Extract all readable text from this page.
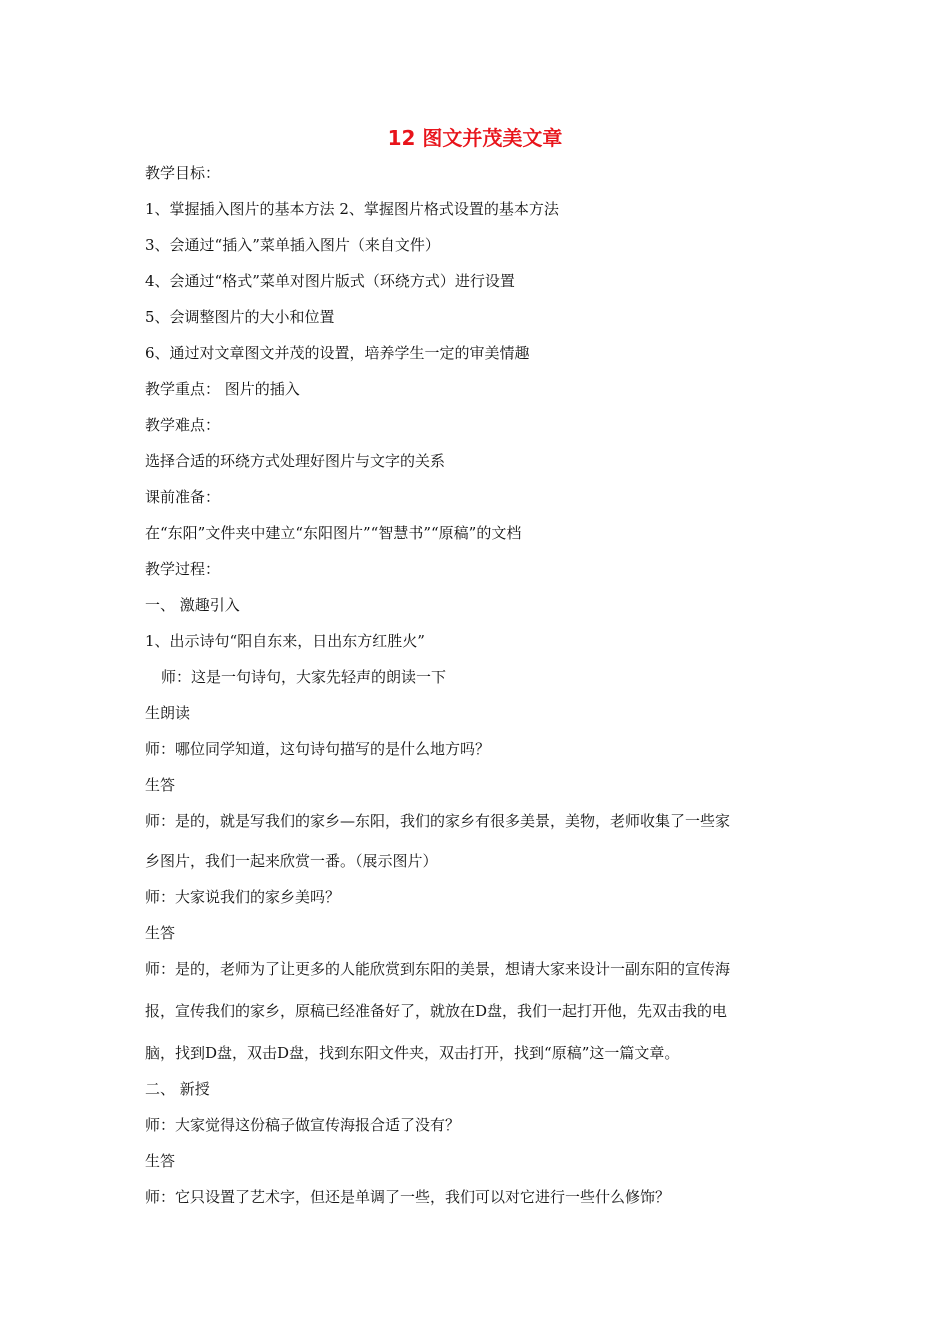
12 图文并茂美文章

教学目标：

1、掌握插入图片的基本方法 2、掌握图片格式设置的基本方法

3、会通过“插入”菜单插入图片（来自文件）

4、会通过“格式”菜单对图片版式（环绕方式）进行设置

5、会调整图片的大小和位置

6、通过对文章图文并茂的设置，培养学生一定的审美情趣

教学重点： 图片的插入

教学难点：

选择合适的环绕方式处理好图片与文字的关系

课前准备：

在“东阳”文件夹中建立“东阳图片”“智慧书”“原稿”的文档

教学过程：

一、 激趣引入

1、出示诗句“阳自东来，日出东方红胜火”

师：这是一句诗句，大家先轻声的朗读一下

生朗读

师：哪位同学知道，这句诗句描写的是什么地方吗？

生答

师：是的，就是写我们的家乡—东阳，我们的家乡有很多美景，美物，老师收集了一些家

乡图片，我们一起来欣赏一番。（展示图片）

师：大家说我们的家乡美吗？

生答

师：是的，老师为了让更多的人能欣赏到东阳的美景，想请大家来设计一副东阳的宣传海

报，宣传我们的家乡，原稿已经准备好了，就放在D盘，我们一起打开他，先双击我的电

脑，找到D盘，双击D盘，找到东阳文件夹，双击打开，找到“原稿”这一篇文章。

二、 新授

师：大家觉得这份稿子做宣传海报合适了没有？

生答

师：它只设置了艺术字，但还是单调了一些，我们可以对它进行一些什么修饰？
